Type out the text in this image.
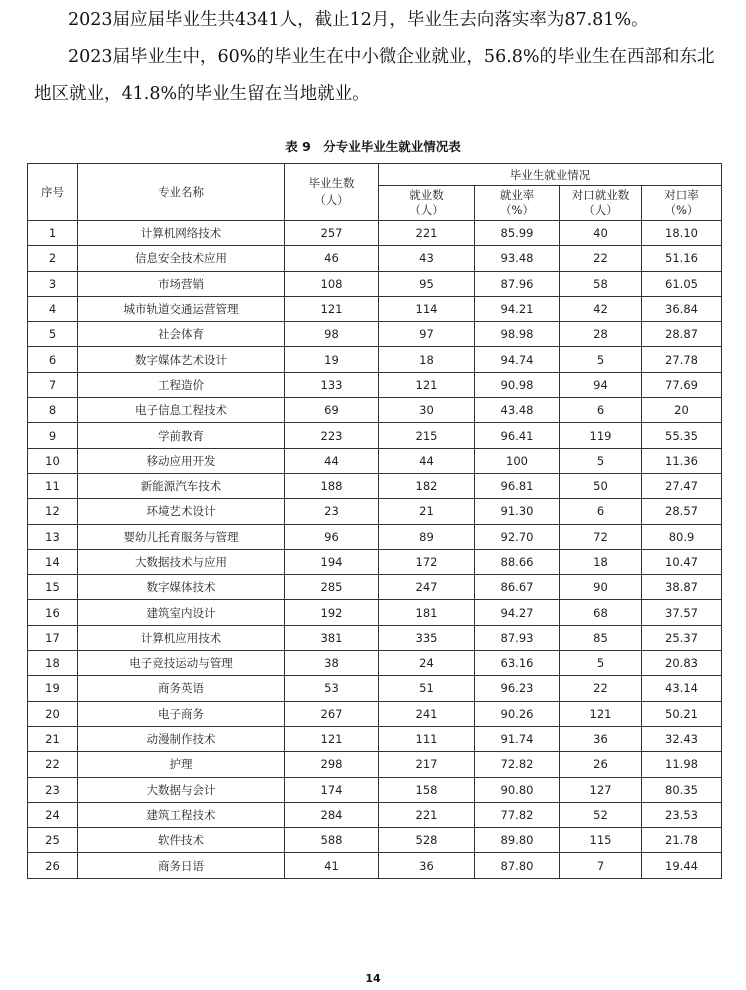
2023届应届毕业生共4341人，截止12月，毕业生去向落实率为87.81%。

2023届毕业生中，60%的毕业生在中小微企业就业，56.8%的毕业生在西部和东北地区就业，41.8%的毕业生留在当地就业。

表 9　分专业毕业生就业情况表
序号	专业名称	毕业生数（人）	毕业生就业情况			
			就业数（人）	就业率（%）	对口就业数（人）	对口率（%）
1	计算机网络技术	257	221	85.99	40	18.10
2	信息安全技术应用	46	43	93.48	22	51.16
3	市场营销	108	95	87.96	58	61.05
4	城市轨道交通运营管理	121	114	94.21	42	36.84
5	社会体育	98	97	98.98	28	28.87
6	数字媒体艺术设计	19	18	94.74	5	27.78
7	工程造价	133	121	90.98	94	77.69
8	电子信息工程技术	69	30	43.48	6	20
9	学前教育	223	215	96.41	119	55.35
10	移动应用开发	44	44	100	5	11.36
11	新能源汽车技术	188	182	96.81	50	27.47
12	环境艺术设计	23	21	91.30	6	28.57
13	婴幼儿托育服务与管理	96	89	92.70	72	80.9
14	大数据技术与应用	194	172	88.66	18	10.47
15	数字媒体技术	285	247	86.67	90	38.87
16	建筑室内设计	192	181	94.27	68	37.57
17	计算机应用技术	381	335	87.93	85	25.37
18	电子竞技运动与管理	38	24	63.16	5	20.83
19	商务英语	53	51	96.23	22	43.14
20	电子商务	267	241	90.26	121	50.21
21	动漫制作技术	121	111	91.74	36	32.43
22	护理	298	217	72.82	26	11.98
23	大数据与会计	174	158	90.80	127	80.35
24	建筑工程技术	284	221	77.82	52	23.53
25	软件技术	588	528	89.80	115	21.78
26	商务日语	41	36	87.80	7	19.44
14
